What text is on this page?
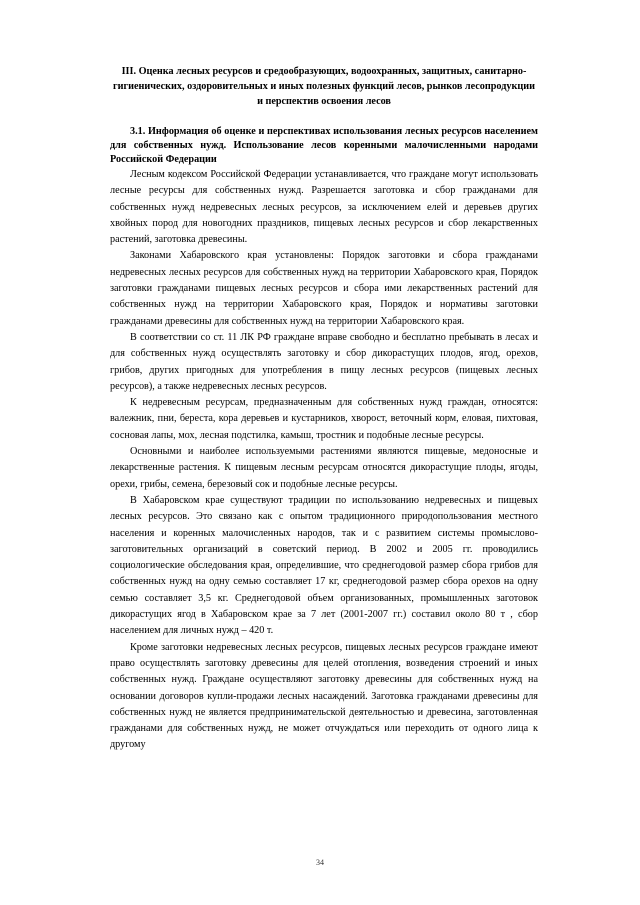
III. Оценка лесных ресурсов и средообразующих, водоохранных, защитных, санитарно-гигиенических, оздоровительных и иных полезных функций лесов, рынков лесопродукции и перспектив освоения лесов

3.1. Информация об оценке и перспективах использования лесных ресурсов населением для собственных нужд. Использование лесов коренными малочисленными народами Российской Федерации

Лесным кодексом Российской Федерации устанавливается, что граждане могут использовать лесные ресурсы для собственных нужд. Разрешается заготовка и сбор гражданами для собственных нужд недревесных лесных ресурсов, за исключением елей и деревьев других хвойных пород для новогодних праздников, пищевых лесных ресурсов и сбор лекарственных растений, заготовка древесины.

Законами Хабаровского края установлены: Порядок заготовки и сбора гражданами недревесных лесных ресурсов для собственных нужд на территории Хабаровского края, Порядок заготовки гражданами пищевых лесных ресурсов и сбора ими лекарственных растений для собственных нужд на территории Хабаровского края, Порядок и нормативы заготовки гражданами древесины для собственных нужд на территории Хабаровского края.

В соответствии со ст. 11 ЛК РФ граждане вправе свободно и бесплатно пребывать в лесах и для собственных нужд осуществлять заготовку и сбор дикорастущих плодов, ягод, орехов, грибов, других пригодных для употребления в пищу лесных ресурсов (пищевых лесных ресурсов), а также недревесных лесных ресурсов.

К недревесным ресурсам, предназначенным для собственных нужд граждан, относятся: валежник, пни, береста, кора деревьев и кустарников, хворост, веточный корм, еловая, пихтовая, сосновая лапы, мох, лесная подстилка, камыш, тростник и подобные лесные ресурсы.

Основными и наиболее используемыми растениями являются пищевые, медоносные и лекарственные растения. К пищевым лесным ресурсам относятся дикорастущие плоды, ягоды, орехи, грибы, семена, березовый сок и подобные лесные ресурсы.

В Хабаровском крае существуют традиции по использованию недревесных и пищевых лесных ресурсов. Это связано как с опытом традиционного природопользования местного населения и коренных малочисленных народов, так и с развитием системы промыслово-заготовительных организаций в советский период. В 2002 и 2005 гг. проводились социологические обследования края, определившие, что среднегодовой размер сбора грибов для собственных нужд на одну семью составляет 17 кг, среднегодовой размер сбора орехов на одну семью составляет 3,5 кг. Среднегодовой объем организованных, промышленных заготовок дикорастущих ягод в Хабаровском крае за 7 лет (2001-2007 гг.) составил около 80 т , сбор населением для личных нужд – 420 т.

Кроме заготовки недревесных лесных ресурсов, пищевых лесных ресурсов граждане имеют право осуществлять заготовку древесины для целей отопления, возведения строений и иных собственных нужд. Граждане осуществляют заготовку древесины для собственных нужд на основании договоров купли-продажи лесных насаждений. Заготовка гражданами древесины для собственных нужд не является предпринимательской деятельностью и древесина, заготовленная гражданами для собственных нужд, не может отчуждаться или переходить от одного лица к другому

34
